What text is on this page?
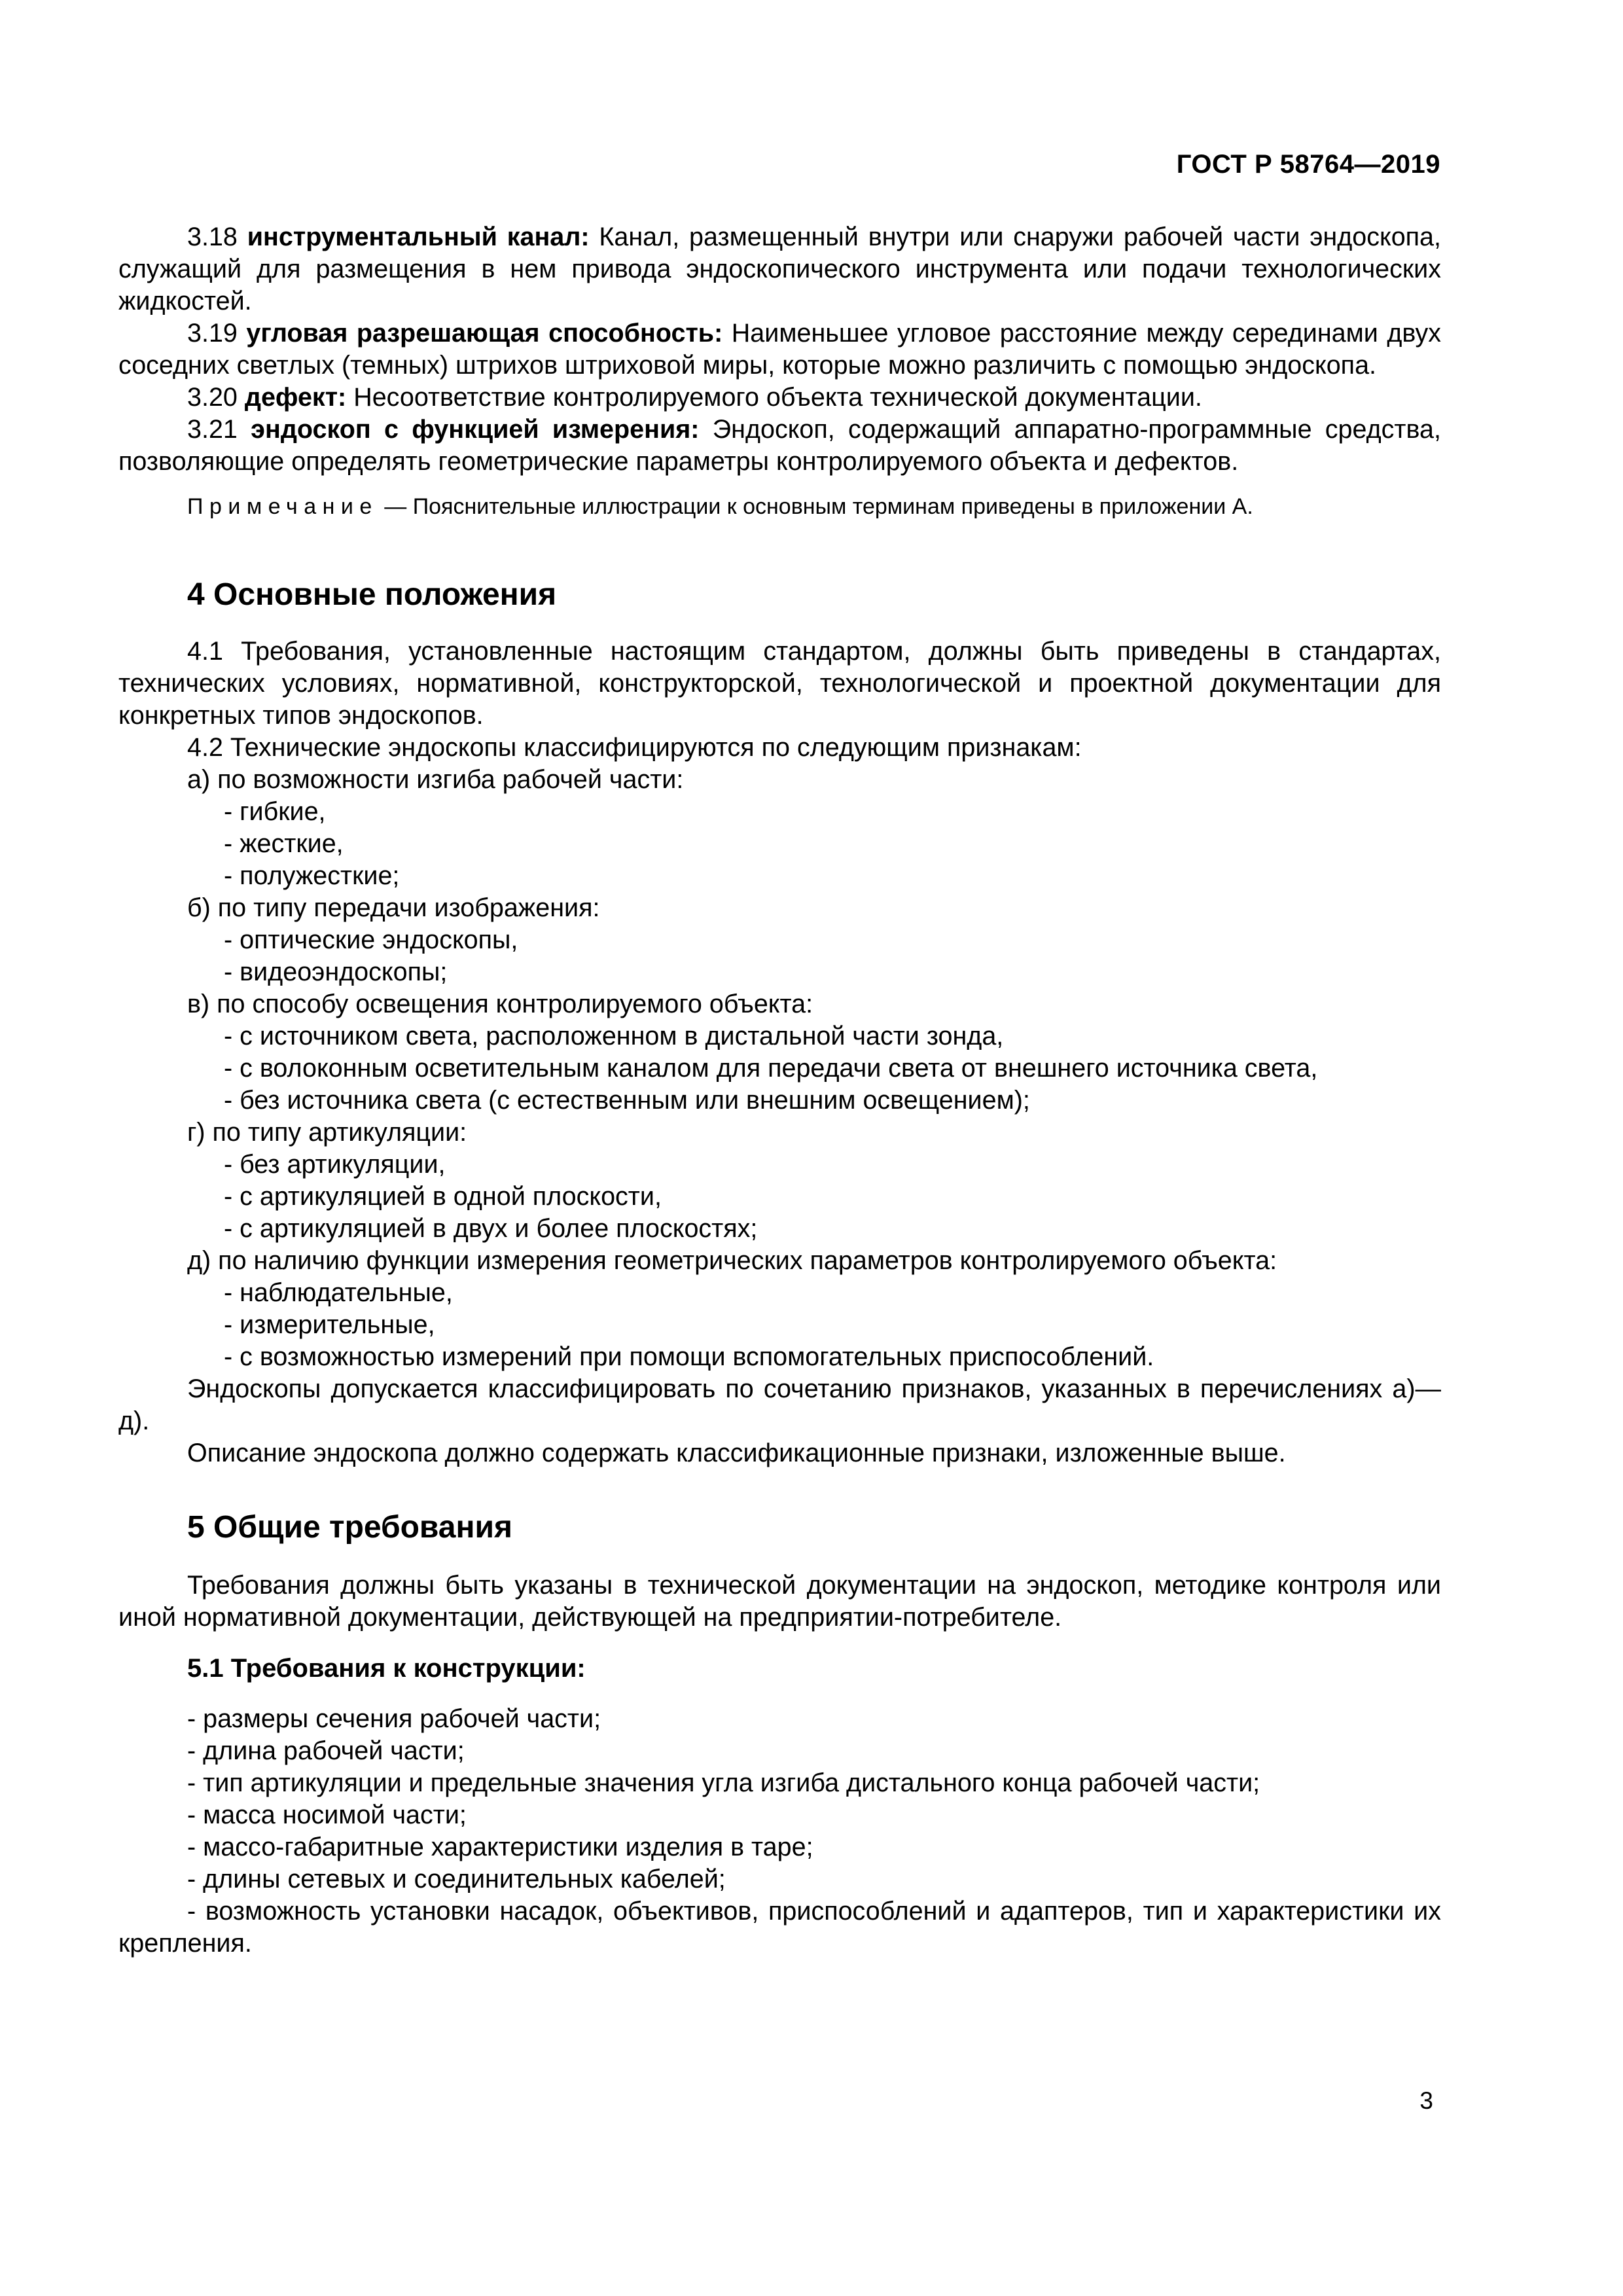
ГОСТ Р 58764—2019

3.18 инструментальный канал: Канал, размещенный внутри или снаружи рабочей части эндоскопа, служащий для размещения в нем привода эндоскопического инструмента или подачи технологических жидкостей.

3.19 угловая разрешающая способность: Наименьшее угловое расстояние между серединами двух соседних светлых (темных) штрихов штриховой миры, которые можно различить с помощью эндоскопа.

3.20 дефект: Несоответствие контролируемого объекта технической документации.

3.21 эндоскоп с функцией измерения: Эндоскоп, содержащий аппаратно-программные средства, позволяющие определять геометрические параметры контролируемого объекта и дефектов.

Примечание — Пояснительные иллюстрации к основным терминам приведены в приложении А.

4 Основные положения

4.1 Требования, установленные настоящим стандартом, должны быть приведены в стандартах, технических условиях, нормативной, конструкторской, технологической и проектной документации для конкретных типов эндоскопов.

4.2 Технические эндоскопы классифицируются по следующим признакам:

а) по возможности изгиба рабочей части:

- гибкие,

- жесткие,

- полужесткие;

б) по типу передачи изображения:

- оптические эндоскопы,

- видеоэндоскопы;

в) по способу освещения контролируемого объекта:

- с источником света, расположенном в дистальной части зонда,

- с волоконным осветительным каналом для передачи света от внешнего источника света,

- без источника света (с естественным или внешним освещением);

г) по типу артикуляции:

- без артикуляции,

- с артикуляцией в одной плоскости,

- с артикуляцией в двух и более плоскостях;

д) по наличию функции измерения геометрических параметров контролируемого объекта:

- наблюдательные,

- измерительные,

- с возможностью измерений при помощи вспомогательных приспособлений.

Эндоскопы допускается классифицировать по сочетанию признаков, указанных в перечислениях а)—д).

Описание эндоскопа должно содержать классификационные признаки, изложенные выше.

5 Общие требования

Требования должны быть указаны в технической документации на эндоскоп, методике контроля или иной нормативной документации, действующей на предприятии-потребителе.

5.1 Требования к конструкции:

- размеры сечения рабочей части;

- длина рабочей части;

- тип артикуляции и предельные значения угла изгиба дистального конца рабочей части;

- масса носимой части;

- массо-габаритные характеристики изделия в таре;

- длины сетевых и соединительных кабелей;

- возможность установки насадок, объективов, приспособлений и адаптеров, тип и характеристики их крепления.

3
